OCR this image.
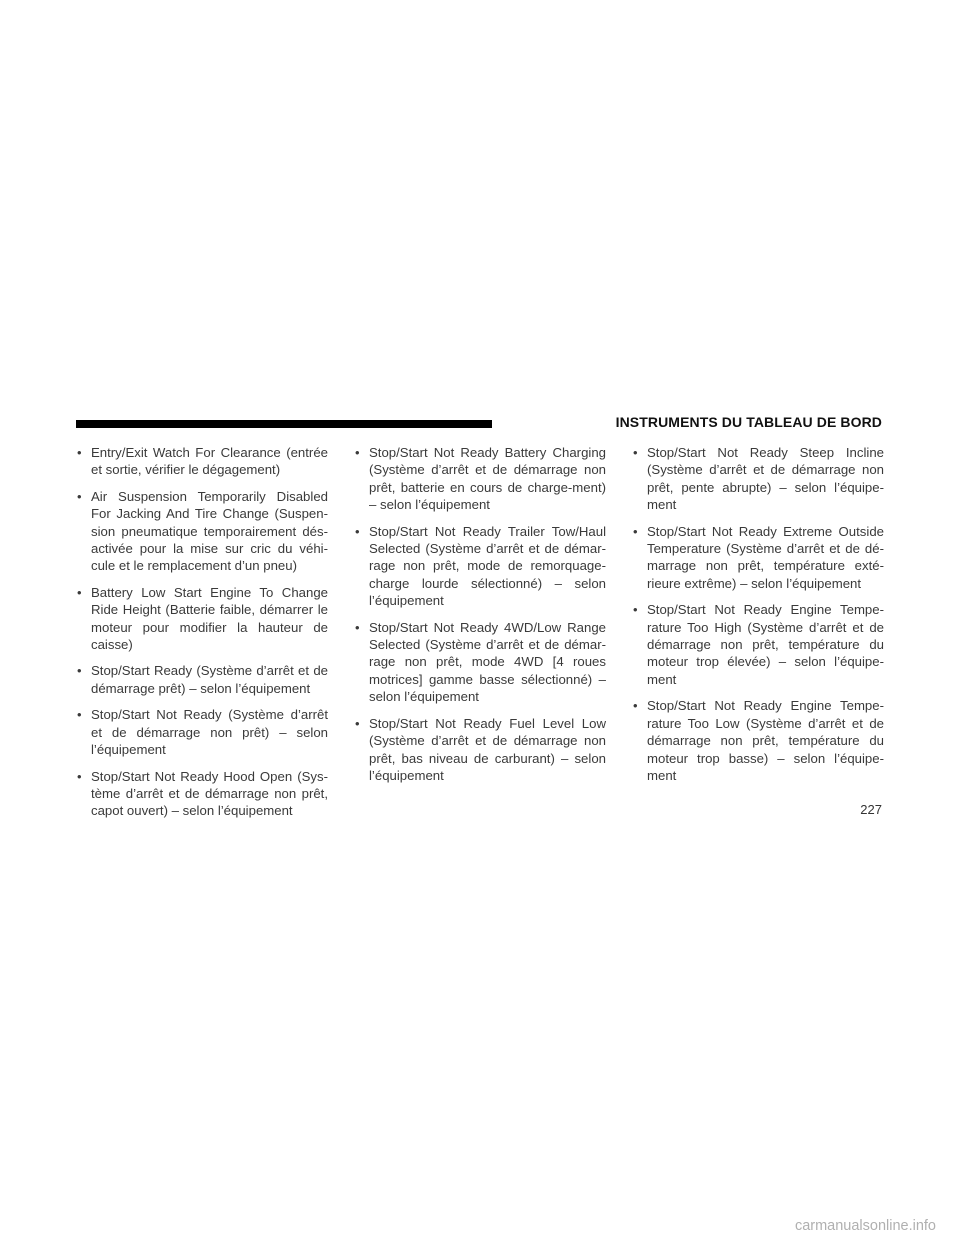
INSTRUMENTS DU TABLEAU DE BORD
• Entry/Exit Watch For Clearance (entrée et sortie, vérifier le dégagement)
• Air Suspension Temporarily Disabled For Jacking And Tire Change (Suspen-sion pneumatique temporairement dés-activée pour la mise sur cric du véhi-cule et le remplacement d’un pneu)
• Battery Low Start Engine To Change Ride Height (Batterie faible, démarrer le moteur pour modifier la hauteur de caisse)
• Stop/Start Ready (Système d’arrêt et de démarrage prêt) – selon l’équipement
• Stop/Start Not Ready (Système d’arrêt et de démarrage non prêt) – selon l’équipement
• Stop/Start Not Ready Hood Open (Sys-tème d’arrêt et de démarrage non prêt, capot ouvert) – selon l’équipement
• Stop/Start Not Ready Battery Charging (Système d’arrêt et de démarrage non prêt, batterie en cours de charge-ment) – selon l’équipement
• Stop/Start Not Ready Trailer Tow/Haul Selected (Système d’arrêt et de démar-rage non prêt, mode de remorquage-charge lourde sélectionné) – selon l’équipement
• Stop/Start Not Ready 4WD/Low Range Selected (Système d’arrêt et de démar-rage non prêt, mode 4WD [4 roues motrices] gamme basse sélectionné) – selon l’équipement
• Stop/Start Not Ready Fuel Level Low (Système d’arrêt et de démarrage non prêt, bas niveau de carburant) – selon l’équipement
• Stop/Start Not Ready Steep Incline (Système d’arrêt et de démarrage non prêt, pente abrupte) – selon l’équipe-ment
• Stop/Start Not Ready Extreme Outside Temperature (Système d’arrêt et de dé-marrage non prêt, température exté-rieure extrême) – selon l’équipement
• Stop/Start Not Ready Engine Tempe-rature Too High (Système d’arrêt et de démarrage non prêt, température du moteur trop élevée) – selon l’équipe-ment
• Stop/Start Not Ready Engine Tempe-rature Too Low (Système d’arrêt et de démarrage non prêt, température du moteur trop basse) – selon l’équipe-ment
227
carmanualsonline.info
